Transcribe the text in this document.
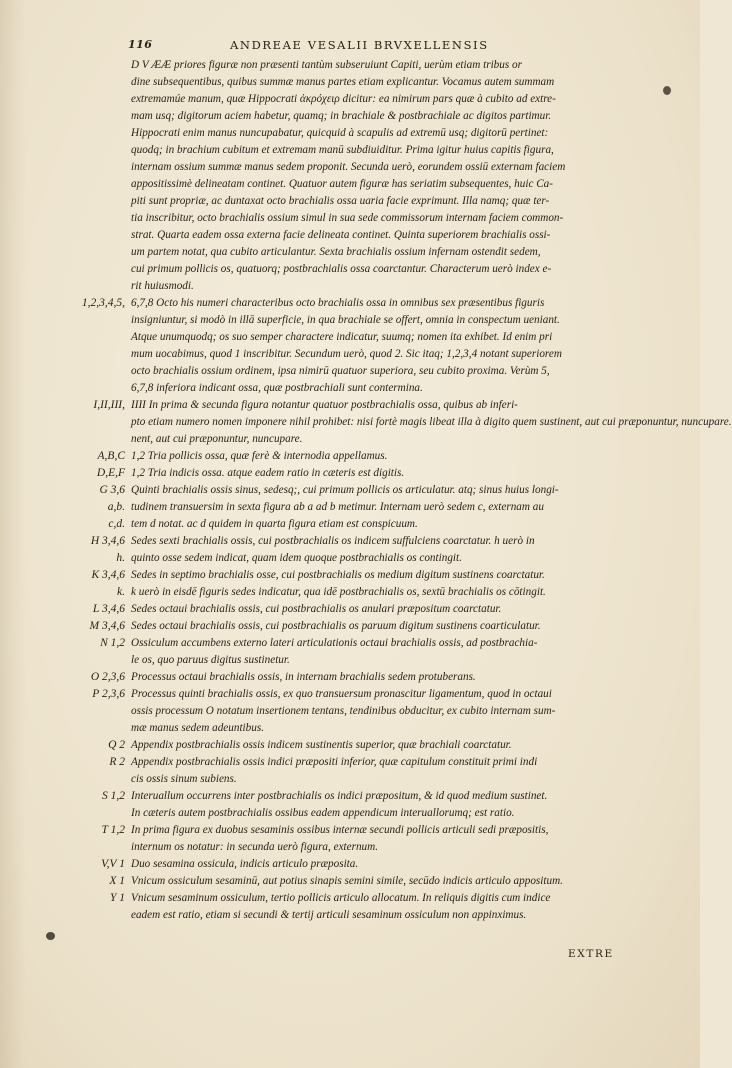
116	ANDREAE VESALII BRVXELLENSIS
D V ÆÆ priores figuræ non præsenti tantùm subseruiunt Capiti, uerùm etiam tribus or
dine subsequentibus, quibus summæ manus partes etiam explicantur. Vocamus autem summam
extremamúe manum, quæ Hippocrati ἀκρόχειρ dicitur: ea nimirum pars quæ à cubito ad extre-
mam usq; digitorum aciem habetur, quamq; in brachiale & postbrachiale ac digitos partimur.
Hippocrati enim manus nuncupabatur, quicquid à scapulis ad extremū usq; digitorū pertinet:
quodq; in brachium cubitum et extremam manū subdiuiditur. Prima igitur huius capitis figura,
internam ossium summæ manus sedem proponit. Secunda uerò, eorundem ossiū externam faciem
appositissimè delineatam continet. Quatuor autem figuræ has seriatim subsequentes, huic Ca-
piti sunt propriæ, ac duntaxat octo brachialis ossa uaria facie exprimunt. Illa namq; quæ ter-
tia inscribitur, octo brachialis ossium simul in sua sede commissorum internam faciem common-
strat. Quarta eadem ossa externa facie delineata continet. Quinta superiorem brachialis ossi-
um partem notat, qua cubito articulantur. Sexta brachialis ossium infernam ostendit sedem,
cui primum pollicis os, quatuorq; postbrachialis ossa coarctantur. Characterum uerò index e-
rit huiusmodi.
1,2,3,4,5, 6,7,8 Octo his numeri characteribus octo brachialis ossa in omnibus sex præsentibus figuris
insigniuntur, si modò in illā superficie, in qua brachiale se offert, omnia in conspectum ueniant.
Atque unumquodq; os suo semper charactere indicatur, suumq; nomen ita exhibet. Id enim pri
mum uocabimus, quod 1 inscribitur. Secundum uerò, quod 2. Sic itaq; 1,2,3,4 notant superiorem
octo brachialis ossium ordinem, ipsa nimirū quatuor superiora, seu cubito proxima. Verùm 5,
6,7,8 inferiora indicant ossa, quæ postbrachiali sunt contermina.
I,II,III, IIII In prima & secunda figura notantur quatuor postbrachialis ossa, quibus ab inferi-
pto etiam numero nomen imponere nihil prohibet: nisi fortè magis libeat illa à digito quem sustinent, aut cui præponuntur, nuncupare.
nent, aut cui præponuntur, nuncupare.
A,B,C 1,2 Tria pollicis ossa, quæ ferè & internodia appellamus.
D,E,F 1,2 Tria indicis ossa. atque eadem ratio in cæteris est digitis.
G 3,6 Quinti brachialis ossis sinus, sedesq;, cui primum pollicis os articulatur. atq; sinus huius longi-
a,b. tudinem transuersim in sexta figura ab a ad b metimur. Internam uerò sedem c, externam au
c,d. tem d notat. ac d quidem in quarta figura etiam est conspicuum.
H 3,4,6 Sedes sexti brachialis ossis, cui postbrachialis os indicem suffulciens coarctatur. h uerò in
h. quinto osse sedem indicat, quam idem quoque postbrachialis os contingit.
K 3,4,6 Sedes in septimo brachialis osse, cui postbrachialis os medium digitum sustinens coarctatur.
k. k uerò in eisdē figuris sedes indicatur, qua idē postbrachialis os, sextū brachialis os cōtingit.
L 3,4,6 Sedes octaui brachialis ossis, cui postbrachialis os anulari præpositum coarctatur.
M 3,4,6 Sedes octaui brachialis ossis, cui postbrachialis os paruum digitum sustinens coarticulatur.
N 1,2 Ossiculum accumbens externo lateri articulationis octaui brachialis ossis, ad postbrachia-
le os, quo paruus digitus sustinetur.
O 2,3,6 Processus octaui brachialis ossis, in internam brachialis sedem protuberans.
P 2,3,6 Processus quinti brachialis ossis, ex quo transuersum pronascitur ligamentum, quod in octaui
ossis processum O notatum insertionem tentans, tendinibus obducitur, ex cubito internam sum-
mæ manus sedem adeuntibus.
Q 2 Appendix postbrachialis ossis indicem sustinentis superior, quæ brachiali coarctatur.
R 2 Appendix postbrachialis ossis indici præpositi inferior, quæ capitulum constituit primi indi
cis ossis sinum subiens.
S 1,2 Interuallum occurrens inter postbrachialis os indici præpositum, & id quod medium sustinet.
In cæteris autem postbrachialis ossibus eadem appendicum interuallorumq; est ratio.
T 1,2 In prima figura ex duobus sesaminis ossibus internæ secundi pollicis articuli sedi præpositis,
internum os notatur: in secunda uerò figura, externum.
V,V 1 Duo sesamina ossicula, indicis articulo præposita.
X 1 Vnicum ossiculum sesaminū, aut potius sinapis semini simile, secūdo indicis articulo appositum.
Y 1 Vnicum sesaminum ossiculum, tertio pollicis articulo allocatum. In reliquis digitis cum indice
eadem est ratio, etiam si secundi & tertij articuli sesaminum ossiculum non appinximus.
EXTRE
